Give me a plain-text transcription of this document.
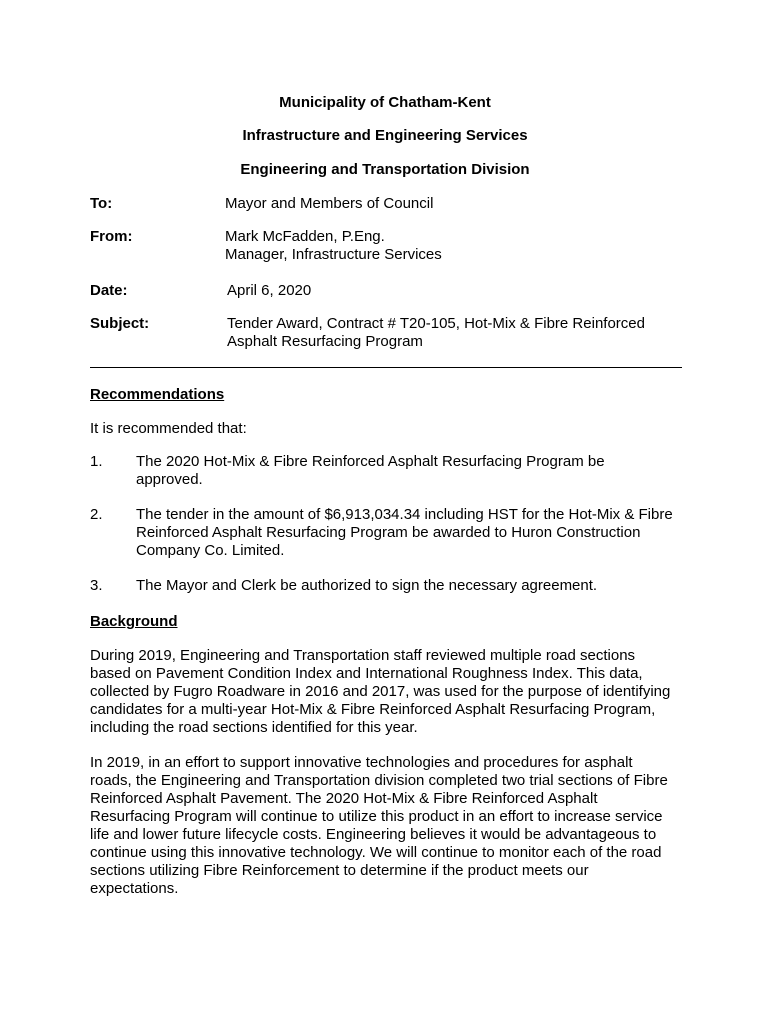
Municipality of Chatham-Kent
Infrastructure and Engineering Services
Engineering and Transportation Division
To:	Mayor and Members of Council
From:	Mark McFadden, P.Eng.
Manager, Infrastructure Services
Date:	April 6, 2020
Subject:	Tender Award, Contract # T20-105, Hot-Mix & Fibre Reinforced
Asphalt Resurfacing Program
Recommendations
It is recommended that:
1. The 2020 Hot-Mix & Fibre Reinforced Asphalt Resurfacing Program be
approved.
2. The tender in the amount of $6,913,034.34 including HST for the Hot-Mix & Fibre
Reinforced Asphalt Resurfacing Program be awarded to Huron Construction
Company Co. Limited.
3. The Mayor and Clerk be authorized to sign the necessary agreement.
Background
During 2019, Engineering and Transportation staff reviewed multiple road sections
based on Pavement Condition Index and International Roughness Index. This data,
collected by Fugro Roadware in 2016 and 2017, was used for the purpose of identifying
candidates for a multi-year Hot-Mix & Fibre Reinforced Asphalt Resurfacing Program,
including the road sections identified for this year.
In 2019, in an effort to support innovative technologies and procedures for asphalt
roads, the Engineering and Transportation division completed two trial sections of Fibre
Reinforced Asphalt Pavement. The 2020 Hot-Mix & Fibre Reinforced Asphalt
Resurfacing Program will continue to utilize this product in an effort to increase service
life and lower future lifecycle costs. Engineering believes it would be advantageous to
continue using this innovative technology. We will continue to monitor each of the road
sections utilizing Fibre Reinforcement to determine if the product meets our
expectations.
